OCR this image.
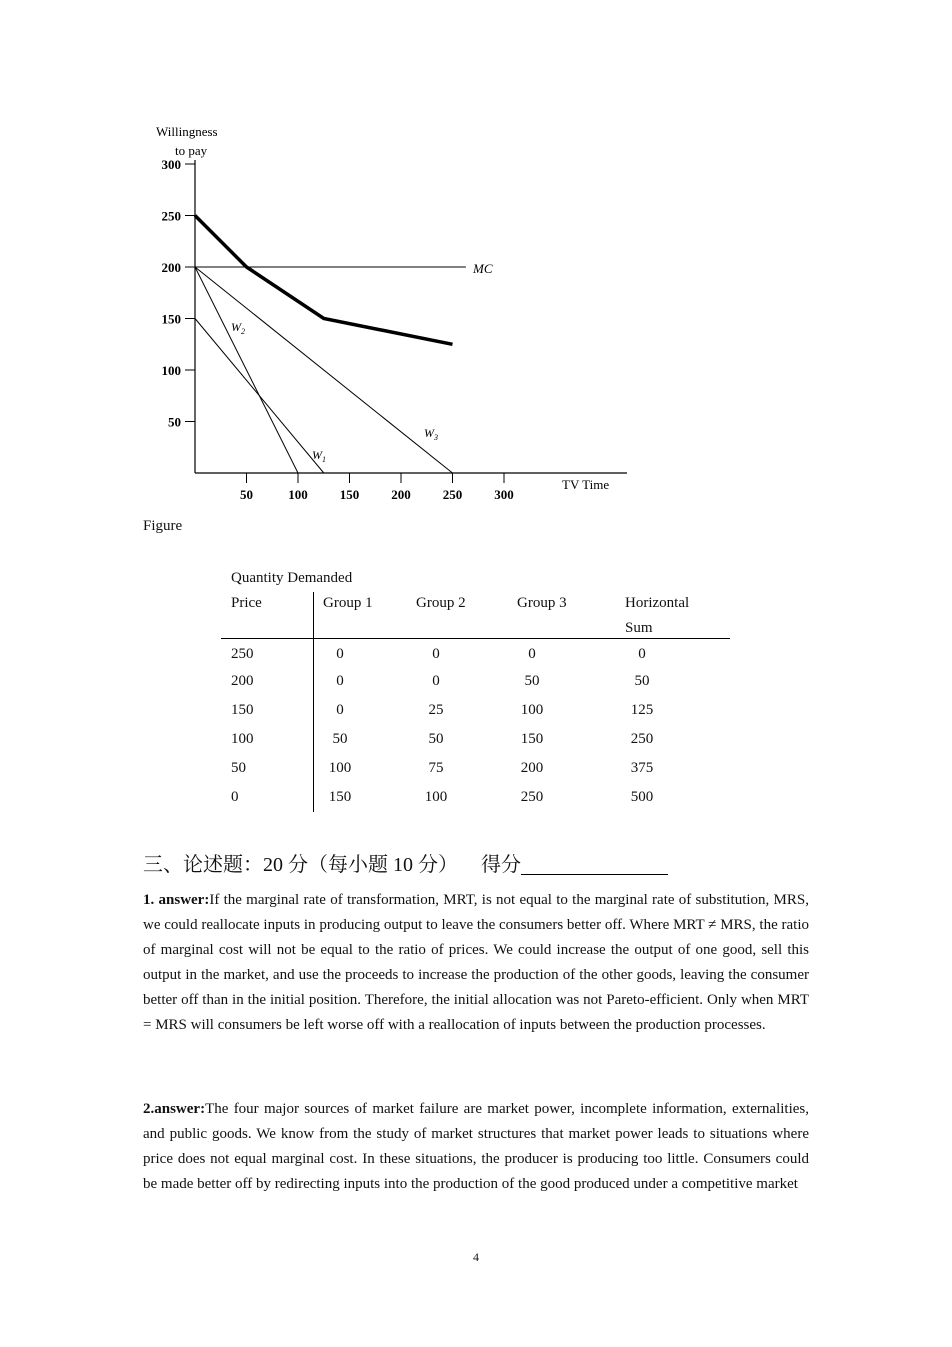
Willingness
to pay
300
250
200
150
100
50
50	100 150 200 250 300
TV Time
MC
$W_2$
$W_1$
$W_3$
Figure
Quantity Demanded
Price	Group 1	Group 2	Group 3	Horizontal
Sum
250	0	0	0	0
200	0	0	50	50
150	0	25	100	125
100	50	50	150	250
50	100	75	200	375
0	150	100	250	500
三、论述题：20 分（每小题 10 分） 得分

1. answer:If the marginal rate of transformation, MRT, is not equal to the marginal rate of substitution, MRS, we could reallocate inputs in producing output to leave the consumers better off. Where MRT ≠ MRS, the ratio of marginal cost will not be equal to the ratio of prices. We could increase the output of one good, sell this output in the market, and use the proceeds to increase the production of the other goods, leaving the consumer better off than in the initial position. Therefore, the initial allocation was not Pareto-efficient. Only when MRT = MRS will consumers be left worse off with a reallocation of inputs between the production processes.

2.answer:The four major sources of market failure are market power, incomplete information, externalities, and public goods. We know from the study of market structures that market power leads to situations where price does not equal marginal cost. In these situations, the producer is producing too little. Consumers could be made better off by redirecting inputs into the production of the good produced under a competitive market

4
